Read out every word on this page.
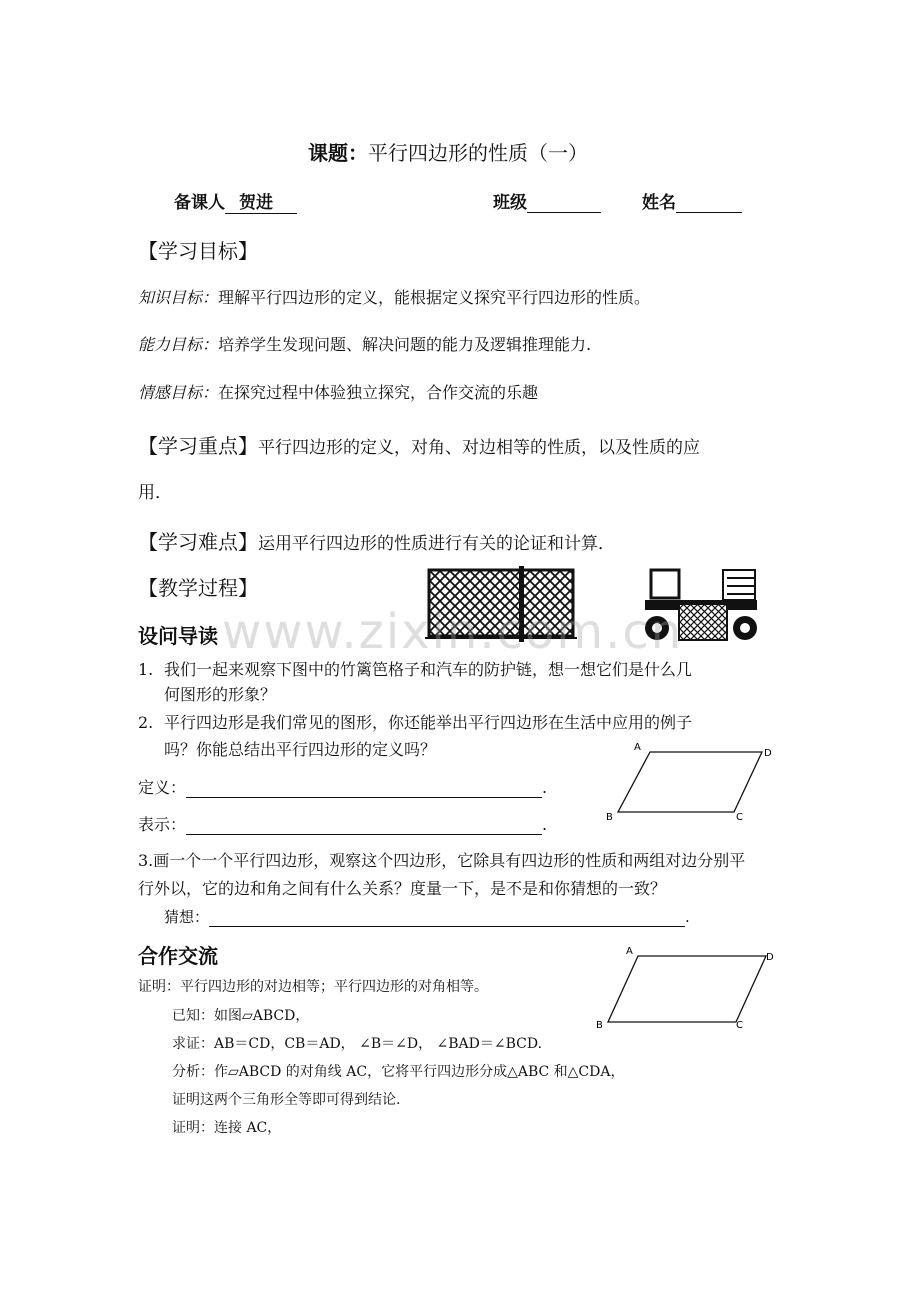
课题：平行四边形的性质（一）
备课人 贺进	班级	姓名
【学习目标】
知识目标：理解平行四边形的定义，能根据定义探究平行四边形的性质。
能力目标：培养学生发现问题、解决问题的能力及逻辑推理能力.
情感目标：在探究过程中体验独立探究，合作交流的乐趣
【学习重点】平行四边形的定义，对角、对边相等的性质，以及性质的应
用．
【学习难点】运用平行四边形的性质进行有关的论证和计算．
【教学过程】
设问导读 www.zixin.com.cn
1. 我们一起来观察下图中的竹篱笆格子和汽车的防护链，想一想它们是什么几
何图形的形象？
2. 平行四边形是我们常见的图形，你还能举出平行四边形在生活中应用的例子
吗？你能总结出平行四边形的定义吗？
定义：	.
表示：	.
A
D
B	C
3.画一个一个平行四边形，观察这个四边形，它除具有四边形的性质和两组对边分别平
行外以，它的边和角之间有什么关系？度量一下，是不是和你猜想的一致？
猜想：	.
合作交流	A
D
B	C
证明：平行四边形的对边相等；平行四边形的对角相等。
已知：如图▱ABCD，
求证：AB＝CD，CB＝AD， ∠B＝∠D， ∠BAD＝∠BCD.
分析：作▱ABCD 的对角线 AC，它将平行四边形分成△ABC 和△CDA，
证明这两个三角形全等即可得到结论.
证明：连接 AC，
